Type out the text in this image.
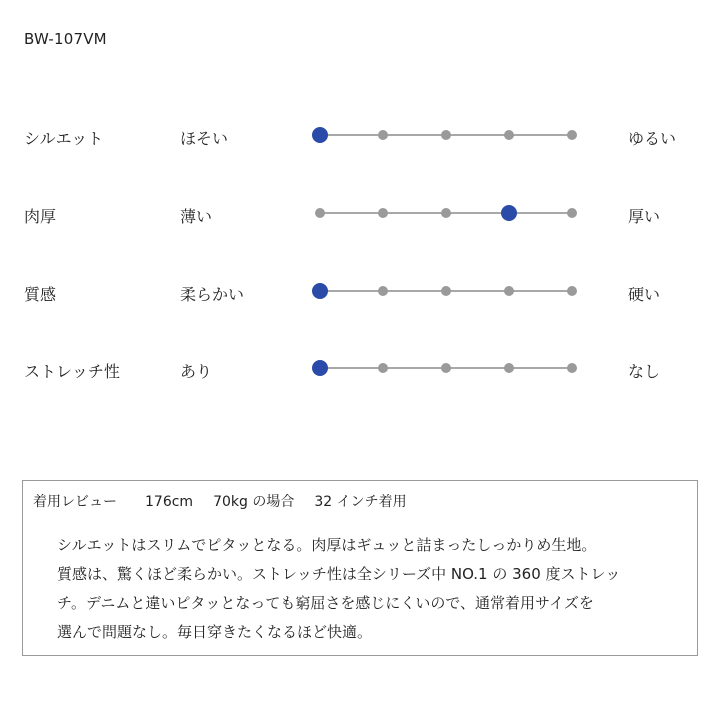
BW-107VM
シルエット	ほそい	ゆるい
肉厚	薄い	厚い
質感	柔らかい	硬い
ストレッチ性	あり	なし
着用レビュー 176cm 70kg の場合 32 インチ着用
シルエットはスリムでピタッとなる。肉厚はギュッと詰まったしっかりめ生地。
質感は、驚くほど柔らかい。ストレッチ性は全シリーズ中 NO.1 の 360 度ストレッ
チ。デニムと違いピタッとなっても窮屈さを感じにくいので、通常着用サイズを
選んで問題なし。毎日穿きたくなるほど快適。
